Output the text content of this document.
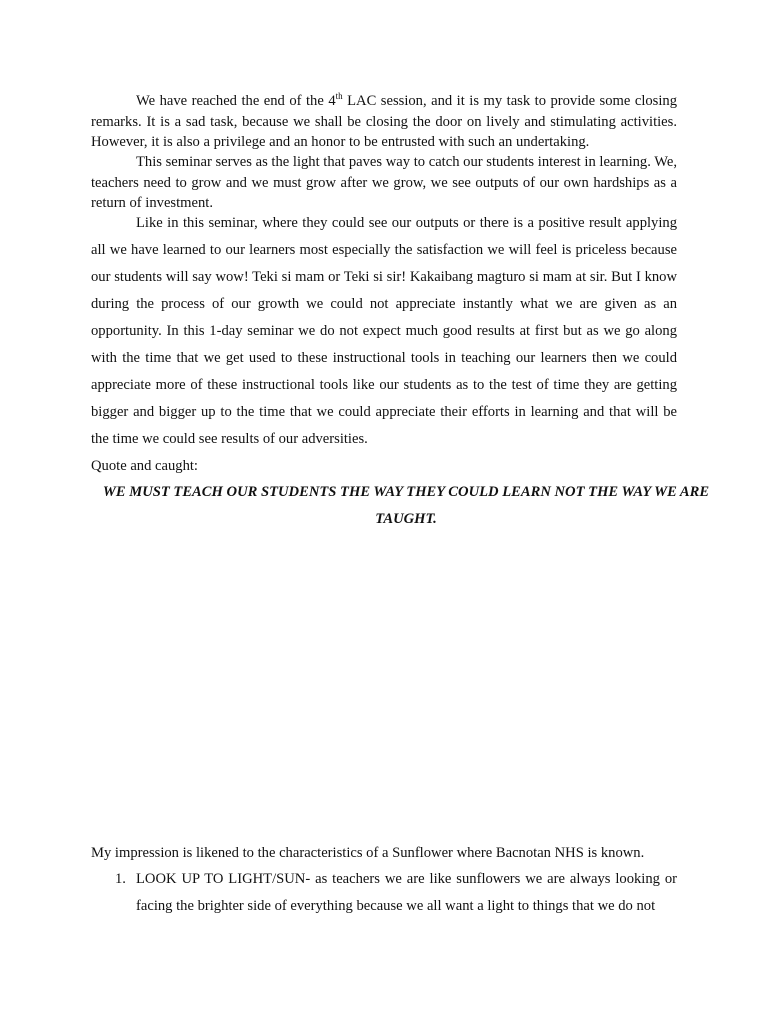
We have reached the end of the 4th LAC session, and it is my task to provide some closing remarks. It is a sad task, because we shall be closing the door on lively and stimulating activities. However, it is also a privilege and an honor to be entrusted with such an undertaking.

This seminar serves as the light that paves way to catch our students interest in learning. We, teachers need to grow and we must grow after we grow, we see outputs of our own hardships as a return of investment.

Like in this seminar, where they could see our outputs or there is a positive result applying all we have learned to our learners most especially the satisfaction we will feel is priceless because our students will say wow! Teki si mam or Teki si sir! Kakaibang magturo si mam at sir. But I know during the process of our growth we could not appreciate instantly what we are given as an opportunity. In this 1-day seminar we do not expect much good results at first but as we go along with the time that we get used to these instructional tools in teaching our learners then we could appreciate more of these instructional tools like our students as to the test of time they are getting bigger and bigger up to the time that we could appreciate their efforts in learning and that will be the time we could see results of our adversities.

Quote and caught:

WE MUST TEACH OUR STUDENTS THE WAY THEY COULD LEARN NOT THE WAY WE ARE TAUGHT.

My impression is likened to the characteristics of a Sunflower where Bacnotan NHS is known.

1. LOOK UP TO LIGHT/SUN- as teachers we are like sunflowers we are always looking or facing the brighter side of everything because we all want a light to things that we do not
